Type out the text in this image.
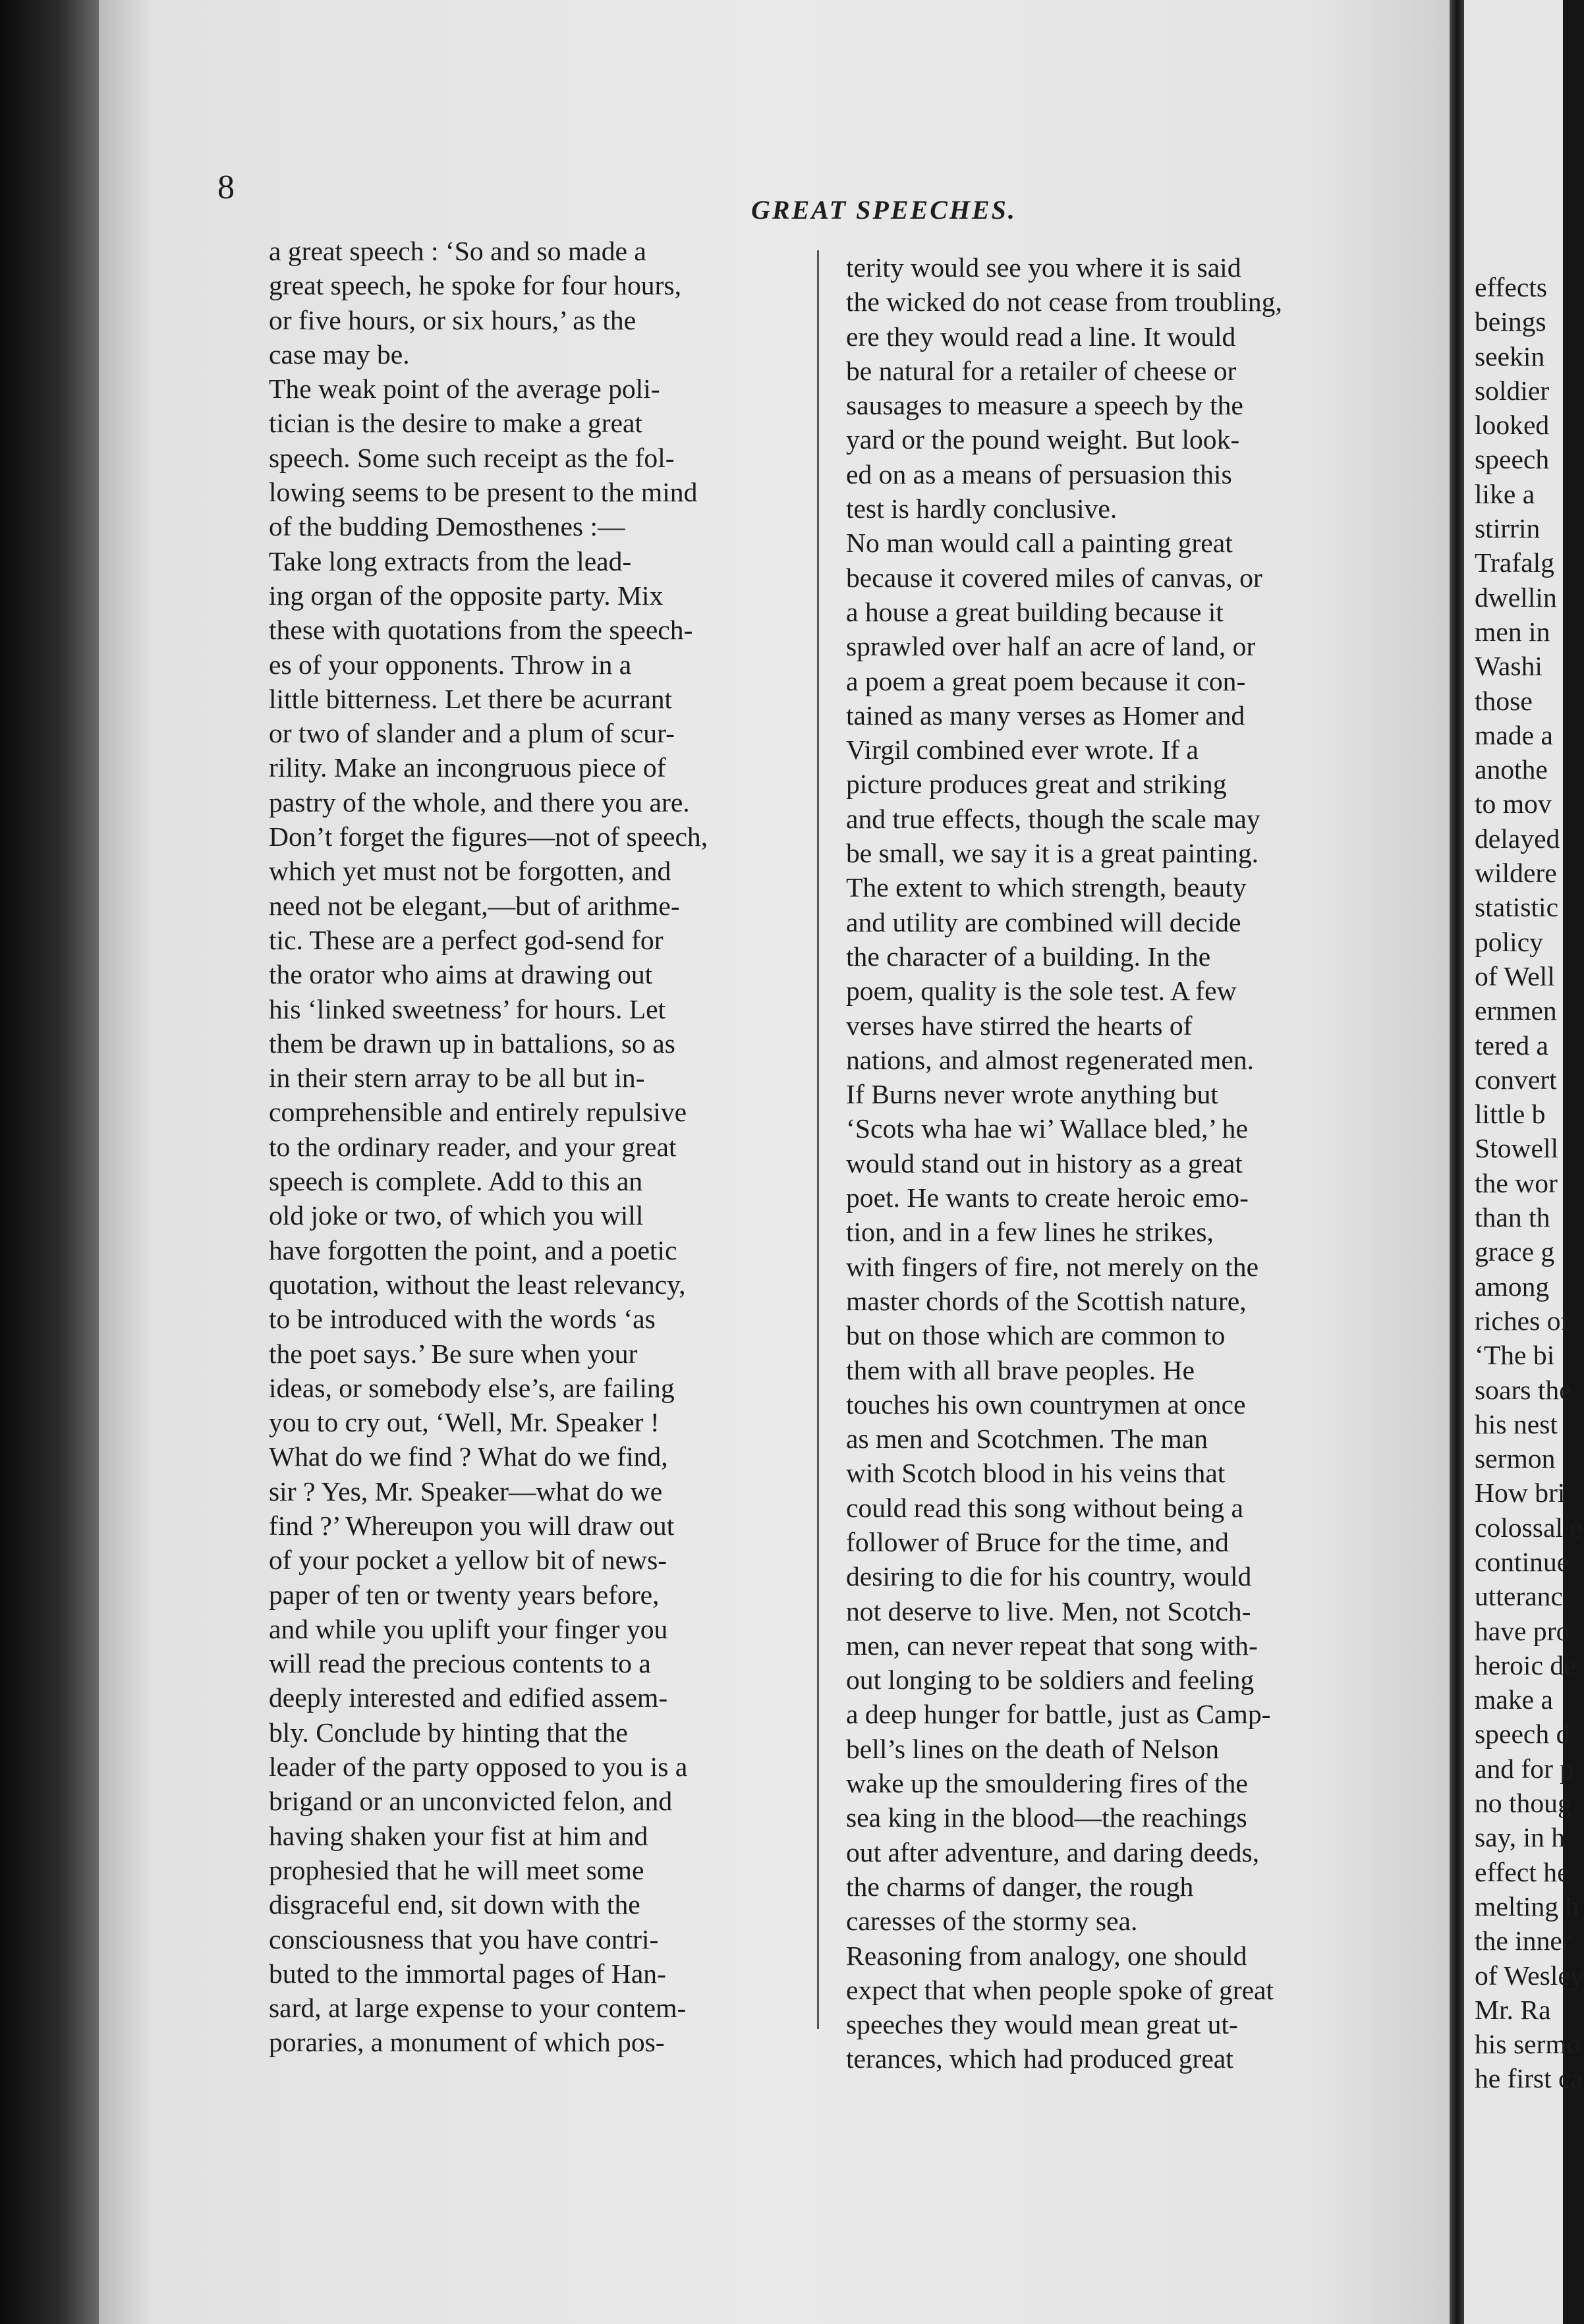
8
GREAT SPEECHES.
a great speech : ‘So and so made a
great speech, he spoke for four hours,
or five hours, or six hours,’ as the
case may be.
The weak point of the average poli-
tician is the desire to make a great
speech. Some such receipt as the fol-
lowing seems to be present to the mind
of the budding Demosthenes :—
Take long extracts from the lead-
ing organ of the opposite party. Mix
these with quotations from the speech-
es of your opponents. Throw in a
little bitterness. Let there be acurrant
or two of slander and a plum of scur-
rility. Make an incongruous piece of
pastry of the whole, and there you are.
Don’t forget the figures—not of speech,
which yet must not be forgotten, and
need not be elegant,—but of arithme-
tic. These are a perfect god-send for
the orator who aims at drawing out
his ‘linked sweetness’ for hours. Let
them be drawn up in battalions, so as
in their stern array to be all but in-
comprehensible and entirely repulsive
to the ordinary reader, and your great
speech is complete. Add to this an
old joke or two, of which you will
have forgotten the point, and a poetic
quotation, without the least relevancy,
to be introduced with the words ‘as
the poet says.’ Be sure when your
ideas, or somebody else’s, are failing
you to cry out, ‘Well, Mr. Speaker !
What do we find ? What do we find,
sir ? Yes, Mr. Speaker—what do we
find ?’ Whereupon you will draw out
of your pocket a yellow bit of news-
paper of ten or twenty years before,
and while you uplift your finger you
will read the precious contents to a
deeply interested and edified assem-
bly. Conclude by hinting that the
leader of the party opposed to you is a
brigand or an unconvicted felon, and
having shaken your fist at him and
prophesied that he will meet some
disgraceful end, sit down with the
consciousness that you have contri-
buted to the immortal pages of Han-
sard, at large expense to your contem-
poraries, a monument of which pos-
terity would see you where it is said
the wicked do not cease from troubling,
ere they would read a line. It would
be natural for a retailer of cheese or
sausages to measure a speech by the
yard or the pound weight. But look-
ed on as a means of persuasion this
test is hardly conclusive.
No man would call a painting great
because it covered miles of canvas, or
a house a great building because it
sprawled over half an acre of land, or
a poem a great poem because it con-
tained as many verses as Homer and
Virgil combined ever wrote. If a
picture produces great and striking
and true effects, though the scale may
be small, we say it is a great painting.
The extent to which strength, beauty
and utility are combined will decide
the character of a building. In the
poem, quality is the sole test. A few
verses have stirred the hearts of
nations, and almost regenerated men.
If Burns never wrote anything but
‘Scots wha hae wi’ Wallace bled,’ he
would stand out in history as a great
poet. He wants to create heroic emo-
tion, and in a few lines he strikes,
with fingers of fire, not merely on the
master chords of the Scottish nature,
but on those which are common to
them with all brave peoples. He
touches his own countrymen at once
as men and Scotchmen. The man
with Scotch blood in his veins that
could read this song without being a
follower of Bruce for the time, and
desiring to die for his country, would
not deserve to live. Men, not Scotch-
men, can never repeat that song with-
out longing to be soldiers and feeling
a deep hunger for battle, just as Camp-
bell’s lines on the death of Nelson
wake up the smouldering fires of the
sea king in the blood—the reachings
out after adventure, and daring deeds,
the charms of danger, the rough
caresses of the stormy sea.
Reasoning from analogy, one should
expect that when people spoke of great
speeches they would mean great ut-
terances, which had produced great
effects
beings
seekin
soldier
looked
speech
like a
stirrin
Trafalg
dwellin
men in
Washi
those
made a
anothe
to mov
delayed
wildere
statistic
policy
of Well
ernmen
tered a
convert
little b
Stowell
the wor
than th
grace g
among
riches of
‘The bi
soars the
his nest
sermon
How bri
colossal e
continue
utteranc
have pro
heroic de
make a
speech d
and for p
no thoug
say, in h
effect he
melting h
the inner
of Wesley
Mr. Ra
his sermo
he first ca
